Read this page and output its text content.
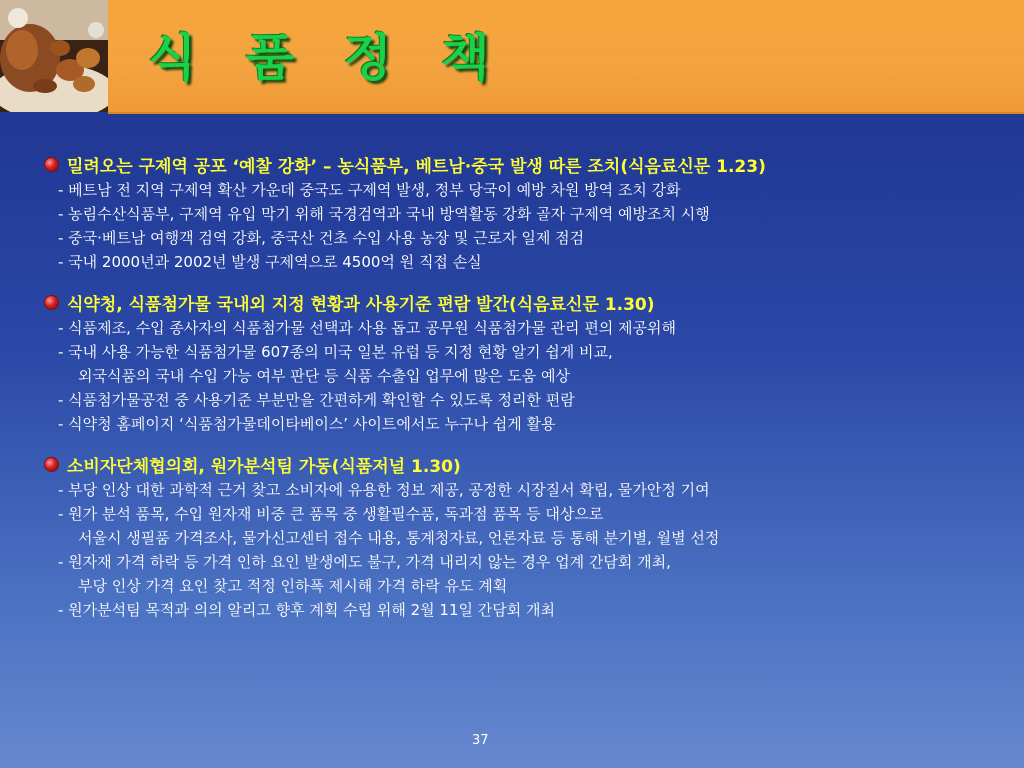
식 품 정 책
밀려오는 구제역 공포 ‘예찰 강화’ – 농식품부, 베트남·중국 발생 따른 조치(식음료신문 1.23)
- 베트남 전 지역 구제역 확산 가운데 중국도 구제역 발생, 정부 당국이 예방 차원 방역 조치 강화
- 농림수산식품부, 구제역 유입 막기 위해 국경검역과 국내 방역활동 강화 골자 구제역 예방조치 시행
- 중국·베트남 여행객 검역 강화, 중국산 건초 수입 사용 농장 및 근로자 일제 점검
- 국내 2000년과 2002년 발생 구제역으로 4500억 원 직접 손실
식약청, 식품첨가물 국내외 지정 현황과 사용기준 편람 발간(식음료신문 1.30)
- 식품제조, 수입 종사자의 식품첨가물 선택과 사용 돕고 공무원 식품첨가물 관리 편의 제공위해
- 국내 사용 가능한 식품첨가물 607종의 미국 일본 유럽 등 지정 현황 알기 쉽게 비교,
외국식품의 국내 수입 가능 여부 판단 등 식품 수출입 업무에 많은 도움 예상
- 식품첨가물공전 중 사용기준 부분만을 간편하게 확인할 수 있도록 정리한 편람
- 식약청 홈페이지 ‘식품첨가물데이타베이스’ 사이트에서도 누구나 쉽게 활용
소비자단체협의회, 원가분석팀 가동(식품저널 1.30)
- 부당 인상 대한 과학적 근거 찾고 소비자에 유용한 정보 제공, 공정한 시장질서 확립, 물가안정 기여
- 원가 분석 품목, 수입 원자재 비중 큰 품목 중 생활필수품, 독과점 품목 등 대상으로
서울시 생필품 가격조사, 물가신고센터 접수 내용, 통계청자료, 언론자료 등 통해 분기별, 월별 선정
- 원자재 가격 하락 등 가격 인하 요인 발생에도 불구, 가격 내리지 않는 경우 업계 간담회 개최,
부당 인상 가격 요인 찾고 적정 인하폭 제시해 가격 하락 유도 계획
- 원가분석팀 목적과 의의 알리고 향후 계획 수립 위해 2월 11일 간담회 개최
37
